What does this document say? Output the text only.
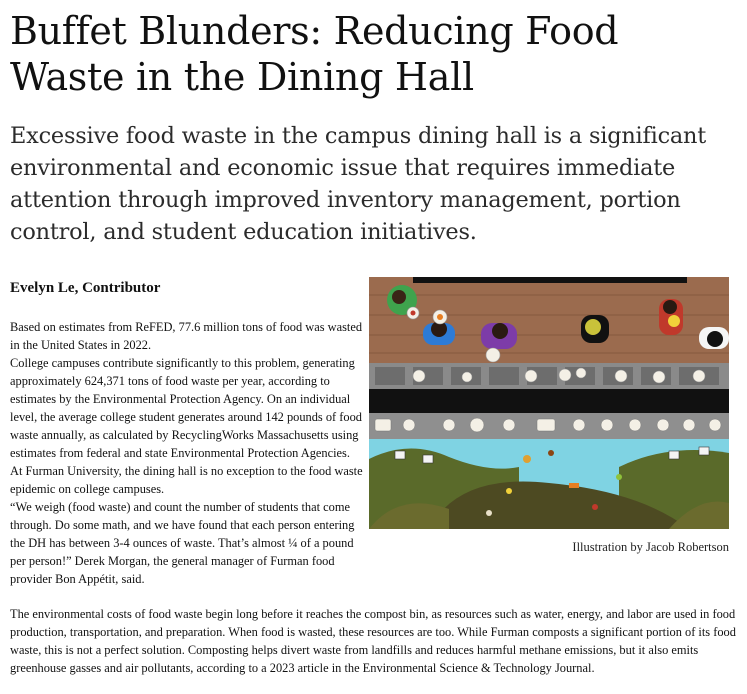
Buffet Blunders: Reducing Food Waste in the Dining Hall

Excessive food waste in the campus dining hall is a significant environmental and economic issue that requires immediate attention through improved inventory management, portion control, and student education initiatives.

Evelyn Le, Contributor

Based on estimates from ReFED, 77.6 million tons of food was wasted in the United States in 2022.

College campuses contribute significantly to this problem, generating approximately 624,371 tons of food waste per year, according to estimates by the Environmental Protection Agency. On an individual level, the average college student generates around 142 pounds of food waste annually, as calculated by RecyclingWorks Massachusetts using estimates from federal and state Environmental Protection Agencies.

At Furman University, the dining hall is no exception to the food waste epidemic on college campuses.

“We weigh (food waste) and count the number of students that come through. Do some math, and we have found that each person entering the DH has between 3-4 ounces of waste. That’s almost ¼ of a pound per person!” Derek Morgan, the general manager of Furman food provider Bon Appétit, said.

Illustration by Jacob Robertson

The environmental costs of food waste begin long before it reaches the compost bin, as resources such as water, energy, and labor are used in food production, transportation, and preparation. When food is wasted, these resources are too. While Furman composts a significant portion of its food waste, this is not a perfect solution. Composting helps divert waste from landfills and reduces harmful methane emissions, but it also emits greenhouse gasses and air pollutants, according to a 2023 article in the Environmental Science & Technology Journal.
